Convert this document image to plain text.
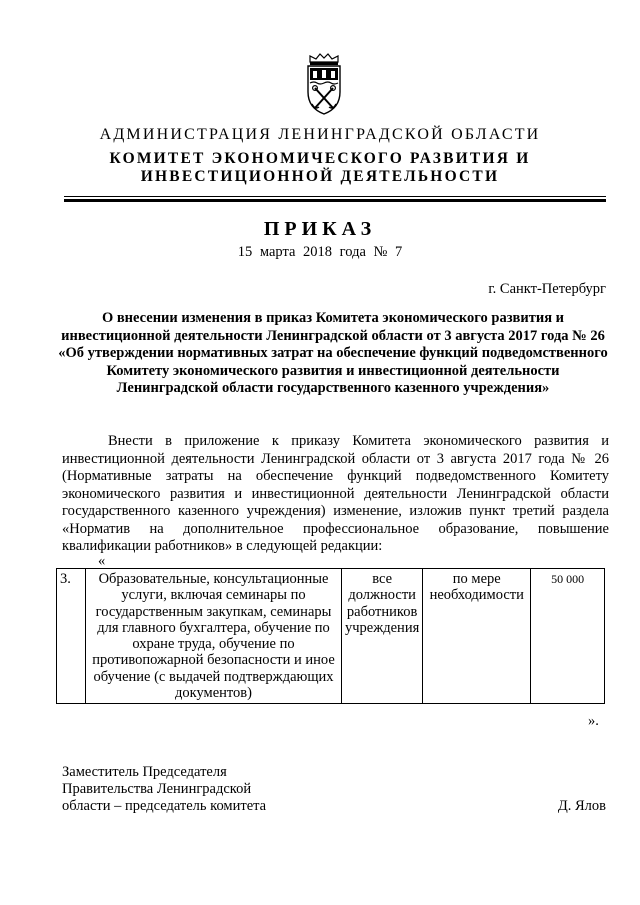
АДМИНИСТРАЦИЯ ЛЕНИНГРАДСКОЙ ОБЛАСТИ
КОМИТЕТ ЭКОНОМИЧЕСКОГО РАЗВИТИЯ И
ИНВЕСТИЦИОННОЙ ДЕЯТЕЛЬНОСТИ
ПРИКАЗ
15 марта 2018 года № 7
г. Санкт-Петербург
О внесении изменения в приказ Комитета экономического развития и инвестиционной деятельности Ленинградской области от 3 августа 2017 года № 26 «Об утверждении нормативных затрат на обеспечение функций подведомственного Комитету экономического развития и инвестиционной деятельности Ленинградской области государственного казенного учреждения»
Внести в приложение к приказу Комитета экономического развития и инвестиционной деятельности Ленинградской области от 3 августа 2017 года № 26 (Нормативные затраты на обеспечение функций подведомственного Комитету экономического развития и инвестиционной деятельности Ленинградской области государственного казенного учреждения) изменение, изложив пункт третий раздела «Норматив на дополнительное профессиональное образование, повышение квалификации работников» в следующей редакции:
«
3.	Образовательные, консультационные услуги, включая семинары по государственным закупкам, семинары для главного бухгалтера, обучение по охране труда, обучение по противопожарной безопасности и иное обучение (с выдачей подтверждающих документов)	все должности работников учреждения	по мере необходимости	50 000
».
Заместитель Председателя
Правительства Ленинградской
области – председатель комитета	Д. Ялов
